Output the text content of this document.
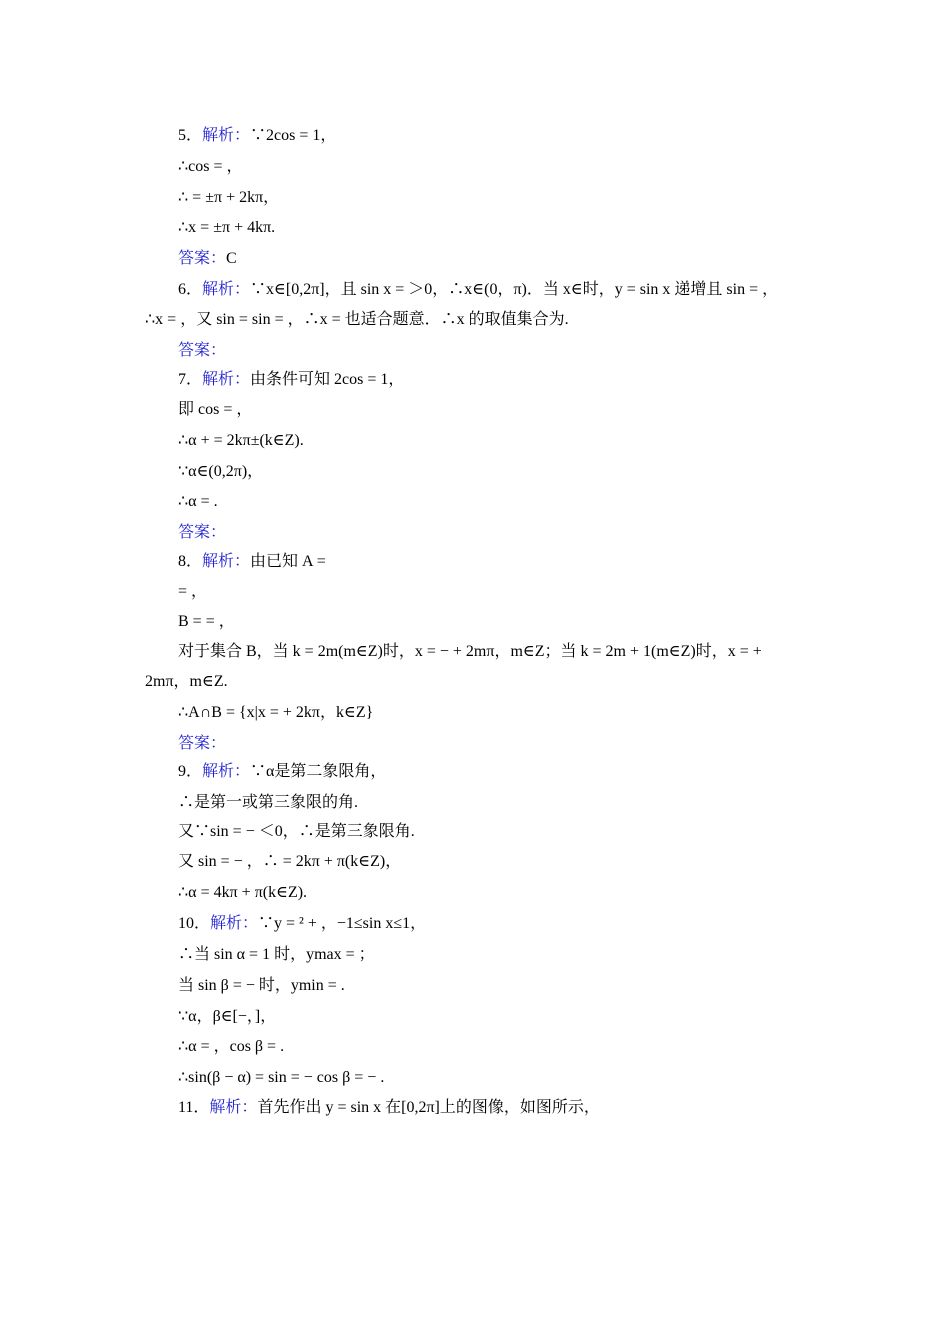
5．解析：∵2cos = 1，
∴cos = ，
∴ = ±π + 2kπ，
∴x = ±π + 4kπ.
答案：C
6．解析：∵x∈[0,2π]，且 sin x = ＞0，∴x∈(0，π)．当 x∈时，y = sin x 递增且 sin = ，
∴x = ，又 sin = sin = ，∴x = 也适合题意．∴x 的取值集合为.
答案：
7．解析：由条件可知 2cos = 1，
即 cos = ，
∴α + = 2kπ±(k∈Z).
∵α∈(0,2π)，
∴α = .
答案：
8．解析：由已知 A =
= ，
B = = ，
对于集合 B，当 k = 2m(m∈Z)时，x = − + 2mπ，m∈Z；当 k = 2m + 1(m∈Z)时，x = +
2mπ，m∈Z.
∴A∩B = {x|x = + 2kπ，k∈Z}
答案：
9．解析：∵α是第二象限角，
∴是第一或第三象限的角.
又∵sin = − ＜0，∴是第三象限角.
又 sin = − ，∴ = 2kπ + π(k∈Z)，
∴α = 4kπ + π(k∈Z).
10．解析：∵y = ² + ，−1≤sin x≤1，
∴当 sin α = 1 时，ymax = ；
当 sin β = − 时，ymin = .
∵α，β∈[−，]，
∴α = ，cos β = .
∴sin(β − α) = sin = − cos β = − .
11．解析：首先作出 y = sin x 在[0,2π]上的图像，如图所示，
